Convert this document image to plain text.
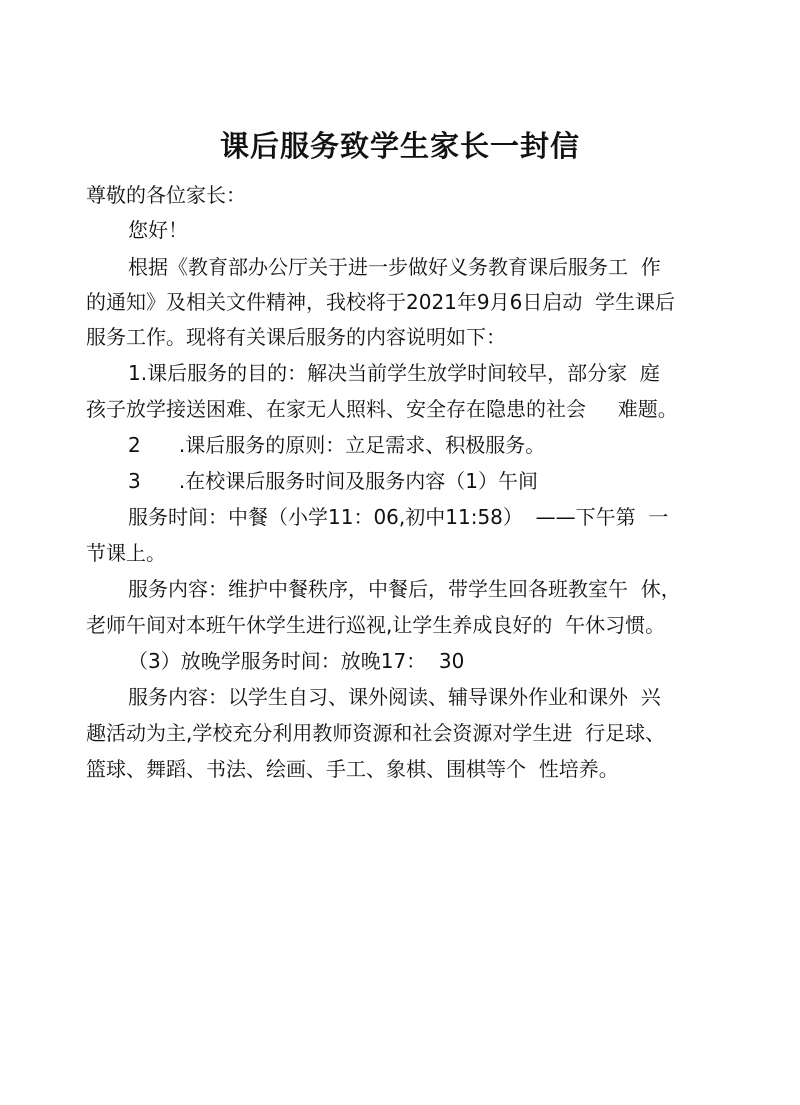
课后服务致学生家长一封信
尊敬的各位家长：
您好！
根据《教育部办公厅关于进一步做好义务教育课后服务工  作
的通知》及相关文件精神，我校将于2021年9月6日启动  学生课后
服务工作。现将有关课后服务的内容说明如下：
1.课后服务的目的：解决当前学生放学时间较早，部分家  庭
孩子放学接送困难、在家无人照料、安全存在隐患的社会     难题。
2      .课后服务的原则：立足需求、积极服务。
3      .在校课后服务时间及服务内容（1）午间
服务时间：中餐（小学11：06,初中11:58）  ——下午第  一
节课上。
服务内容：维护中餐秩序，中餐后，带学生回各班教室午  休，
老师午间对本班午休学生进行巡视,让学生养成良好的  午休习惯。
（3）放晚学服务时间：放晚17：  30
服务内容：以学生自习、课外阅读、辅导课外作业和课外  兴
趣活动为主,学校充分利用教师资源和社会资源对学生进  行足球、
篮球、舞蹈、书法、绘画、手工、象棋、围棋等个  性培养。
